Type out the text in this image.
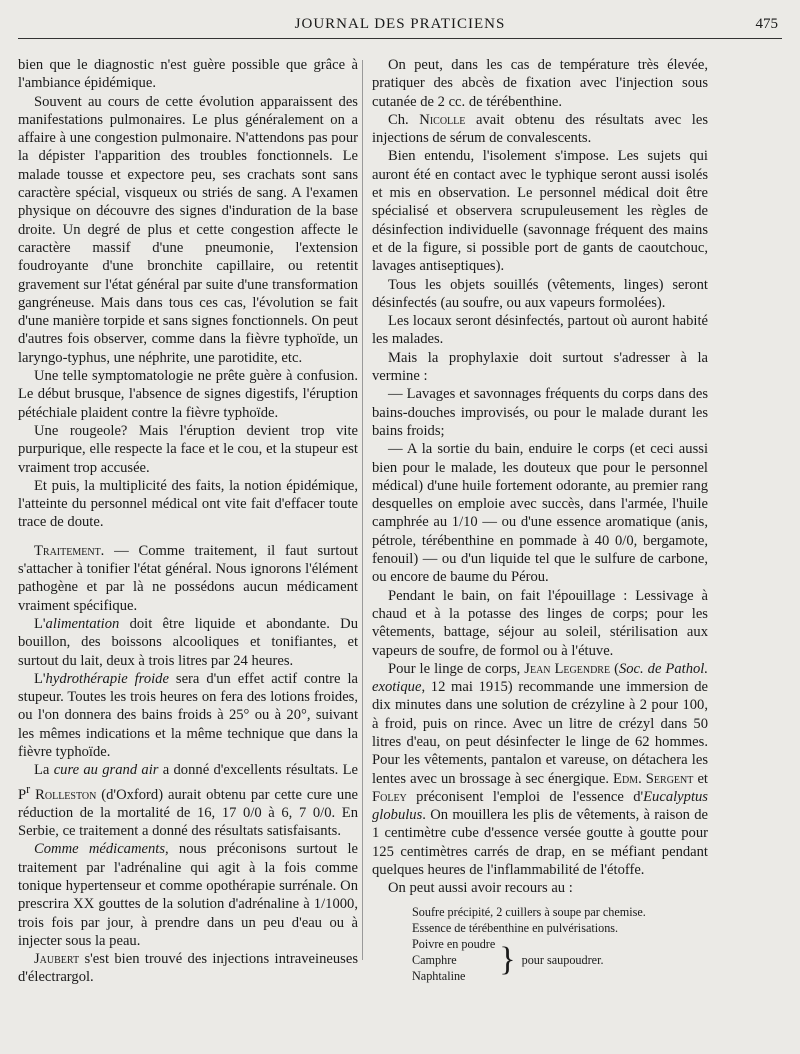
JOURNAL DES PRATICIENS	475

bien que le diagnostic n'est guère possible que grâce à l'ambiance épidémique.

Souvent au cours de cette évolution apparaissent des manifestations pulmonaires. Le plus généralement on a affaire à une congestion pulmonaire. N'attendons pas pour la dépister l'apparition des troubles fonctionnels. Le malade tousse et expectore peu, ses crachats sont sans caractère spécial, visqueux ou striés de sang. A l'examen physique on découvre des signes d'induration de la base droite. Un degré de plus et cette congestion affecte le caractère massif d'une pneumonie, l'extension foudroyante d'une bronchite capillaire, ou retentit gravement sur l'état général par suite d'une transformation gangréneuse. Mais dans tous ces cas, l'évolution se fait d'une manière torpide et sans signes fonctionnels. On peut d'autres fois observer, comme dans la fièvre typhoïde, un laryngo-typhus, une néphrite, une parotidite, etc.

Une telle symptomatologie ne prête guère à confusion. Le début brusque, l'absence de signes digestifs, l'éruption pétéchiale plaident contre la fièvre typhoïde.

Une rougeole? Mais l'éruption devient trop vite purpurique, elle respecte la face et le cou, et la stupeur est vraiment trop accusée.

Et puis, la multiplicité des faits, la notion épidémique, l'atteinte du personnel médical ont vite fait d'effacer toute trace de doute.

Traitement. — Comme traitement, il faut surtout s'attacher à tonifier l'état général. Nous ignorons l'élément pathogène et par là ne possédons aucun médicament vraiment spécifique.

L'alimentation doit être liquide et abondante. Du bouillon, des boissons alcooliques et tonifiantes, et surtout du lait, deux à trois litres par 24 heures.

L'hydrothérapie froide sera d'un effet actif contre la stupeur. Toutes les trois heures on fera des lotions froides, ou l'on donnera des bains froids à 25° ou à 20°, suivant les mêmes indications et la même technique que dans la fièvre typhoïde.

La cure au grand air a donné d'excellents résultats. Le $P^r$ Rolleston (d'Oxford) aurait obtenu par cette cure une réduction de la mortalité de 16, 17 0/0 à 6, 7 0/0. En Serbie, ce traitement a donné des résultats satisfaisants.

Comme médicaments, nous préconisons surtout le traitement par l'adrénaline qui agit à la fois comme tonique hypertenseur et comme opothérapie surrénale. On prescrira XX gouttes de la solution d'adrénaline à 1/1000, trois fois par jour, à prendre dans un peu d'eau ou à injecter sous la peau.

Jaubert s'est bien trouvé des injections intraveineuses d'électrargol.

On peut, dans les cas de température très élevée, pratiquer des abcès de fixation avec l'injection sous cutanée de 2 cc. de térébenthine.

Ch. Nicolle avait obtenu des résultats avec les injections de sérum de convalescents.

Bien entendu, l'isolement s'impose. Les sujets qui auront été en contact avec le typhique seront aussi isolés et mis en observation. Le personnel médical doit être spécialisé et observera scrupuleusement les règles de désinfection individuelle (savonnage fréquent des mains et de la figure, si possible port de gants de caoutchouc, lavages antiseptiques).

Tous les objets souillés (vêtements, linges) seront désinfectés (au soufre, ou aux vapeurs formolées).

Les locaux seront désinfectés, partout où auront habité les malades.

Mais la prophylaxie doit surtout s'adresser à la vermine :

— Lavages et savonnages fréquents du corps dans des bains-douches improvisés, ou pour le malade durant les bains froids;

— A la sortie du bain, enduire le corps (et ceci aussi bien pour le malade, les douteux que pour le personnel médical) d'une huile fortement odorante, au premier rang desquelles on emploie avec succès, dans l'armée, l'huile camphrée au 1/10 — ou d'une essence aromatique (anis, pétrole, térébenthine en pommade à 40 0/0, bergamote, fenouil) — ou d'un liquide tel que le sulfure de carbone, ou encore de baume du Pérou.

Pendant le bain, on fait l'épouillage : Lessivage à chaud et à la potasse des linges de corps; pour les vêtements, battage, séjour au soleil, stérilisation aux vapeurs de soufre, de formol ou à l'étuve.

Pour le linge de corps, Jean Legendre (Soc. de Pathol. exotique, 12 mai 1915) recommande une immersion de dix minutes dans une solution de crézyline à 2 pour 100, à froid, puis on rince. Avec un litre de crézyl dans 50 litres d'eau, on peut désinfecter le linge de 62 hommes. Pour les vêtements, pantalon et vareuse, on détachera les lentes avec un brossage à sec énergique. Edm. Sergent et Foley préconisent l'emploi de l'essence d'Eucalyptus globulus. On mouillera les plis de vêtements, à raison de 1 centimètre cube d'essence versée goutte à goutte pour 125 centimètres carrés de drap, en se méfiant pendant quelques heures de l'inflammabilité de l'étoffe.

On peut aussi avoir recours au :

Soufre précipité, 2 cuillers à soupe par chemise.
Essence de térébenthine en pulvérisations.
Poivre en poudre
Camphre
Naphtaline } pour saupoudrer.
